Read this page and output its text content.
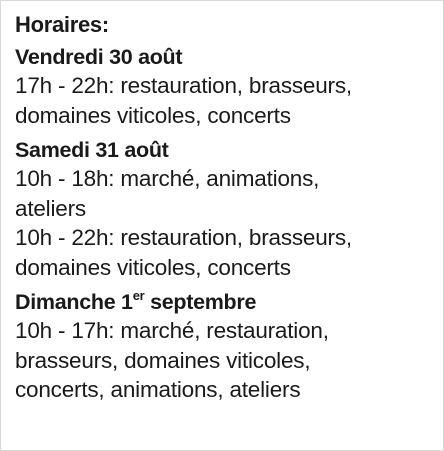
Horaires:
Vendredi 30 août
17h - 22h: restauration, brasseurs,
domaines viticoles, concerts
Samedi 31 août
10h - 18h: marché, animations,
ateliers
10h - 22h: restauration, brasseurs,
domaines viticoles, concerts
Dimanche 1er septembre
10h - 17h: marché, restauration,
brasseurs, domaines viticoles,
concerts, animations, ateliers
